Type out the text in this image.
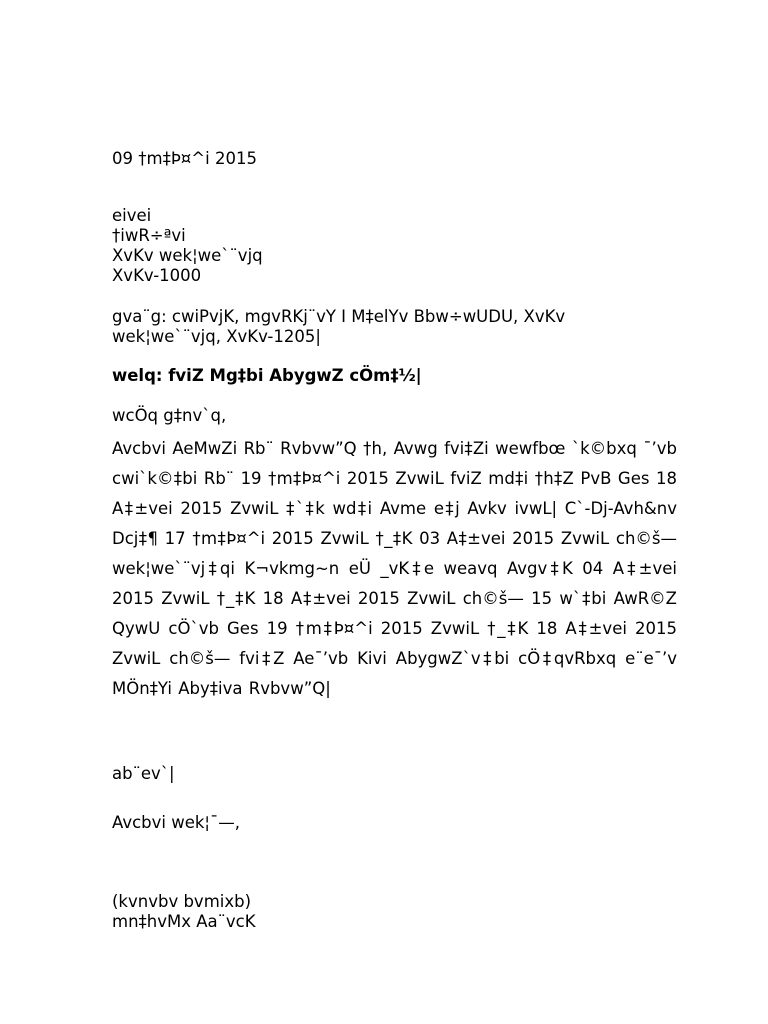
09 †m‡Þ¤^i 2015
eivei
†iwR÷ªvi
XvKv wek¦we`¨vjq
XvKv-1000
gva¨g: cwiPvjK, mgvRKj¨vY I M‡elYv Bbw÷wUDU, XvKv wek¦we`¨vjq, XvKv-1205|
welq: fviZ Mg‡bi AbygwZ cÖm‡½|
wcÖq g‡nv`q,
Avcbvi AeMwZi Rb¨ Rvbvw”Q †h, Avwg fvi‡Zi wewfbœ `k©bxq ¯’vb cwi`k©‡bi Rb¨ 19 †m‡Þ¤^i 2015 ZvwiL fviZ md‡i †h‡Z PvB Ges 18 A‡±vei 2015 ZvwiL ‡`‡k wd‡i Avme e‡j Avkv ivwL| C`-Dj-Avh&nv Dcj‡¶ 17 †m‡Þ¤^i 2015 ZvwiL †_‡K 03 A‡±vei 2015 ZvwiL ch©š— wek¦we`¨vj‡qi K¬vkmg~n eÜ _vK‡e weavq Avgv‡K 04 A‡±vei 2015 ZvwiL †_‡K 18 A‡±vei 2015 ZvwiL ch©š— 15 w`‡bi AwR©Z QywU cÖ`vb Ges 19 †m‡Þ¤^i 2015 ZvwiL †_‡K 18 A‡±vei 2015 ZvwiL ch©š— fvi‡Z Ae¯’vb Kivi AbygwZ`v‡bi cÖ‡qvRbxq e¨e¯’v MÖn‡Yi Aby‡iva Rvbvw”Q|
ab¨ev`|
Avcbvi wek¦¯—,
(kvnvbv bvmixb)
mn‡hvMx Aa¨vcK
